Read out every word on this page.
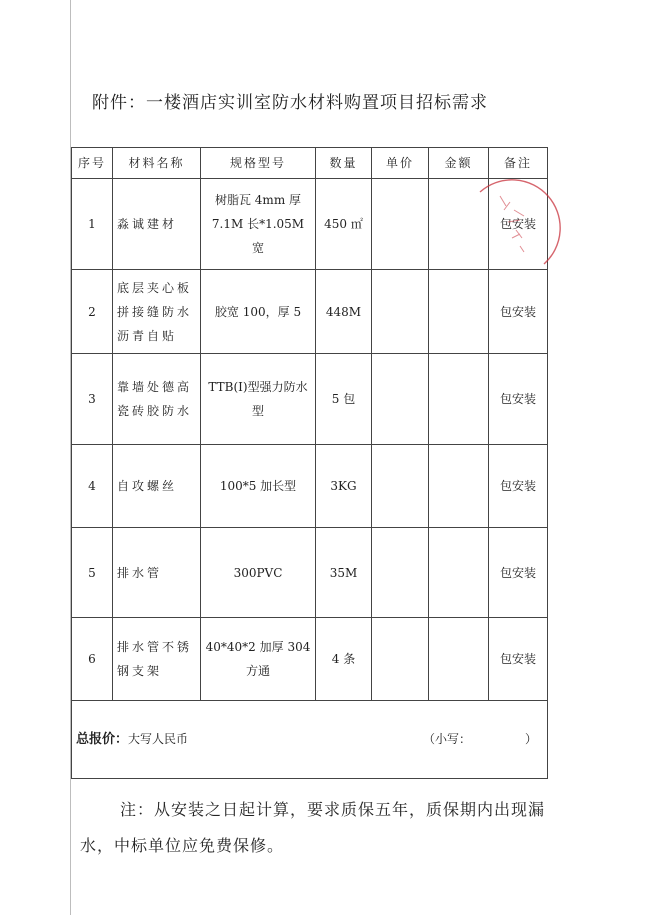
附件：一楼酒店实训室防水材料购置项目招标需求
序号	材料名称	规格型号	数量	单价	金额	备注
1	淼诚建材	树脂瓦 4mm 厚 7.1M 长*1.05M 宽	450 ㎡			包安装
2	底层夹心板拼接缝防水沥青自贴	胶宽 100，厚 5	448M			包安装
3	靠墙处德高瓷砖胶防水	TTB(Ⅰ)型强力防水型	5 包			包安装
4	自攻螺丝	100*5 加长型	3KG			包安装
5	排水管	300PVC	35M			包安装
6	排水管不锈钢支架	40*40*2 加厚 304 方通	4 条			包安装
总报价：大写人民币 （小写：　　　　　）						
注：从安装之日起计算，要求质保五年，质保期内出现漏水，中标单位应免费保修。
